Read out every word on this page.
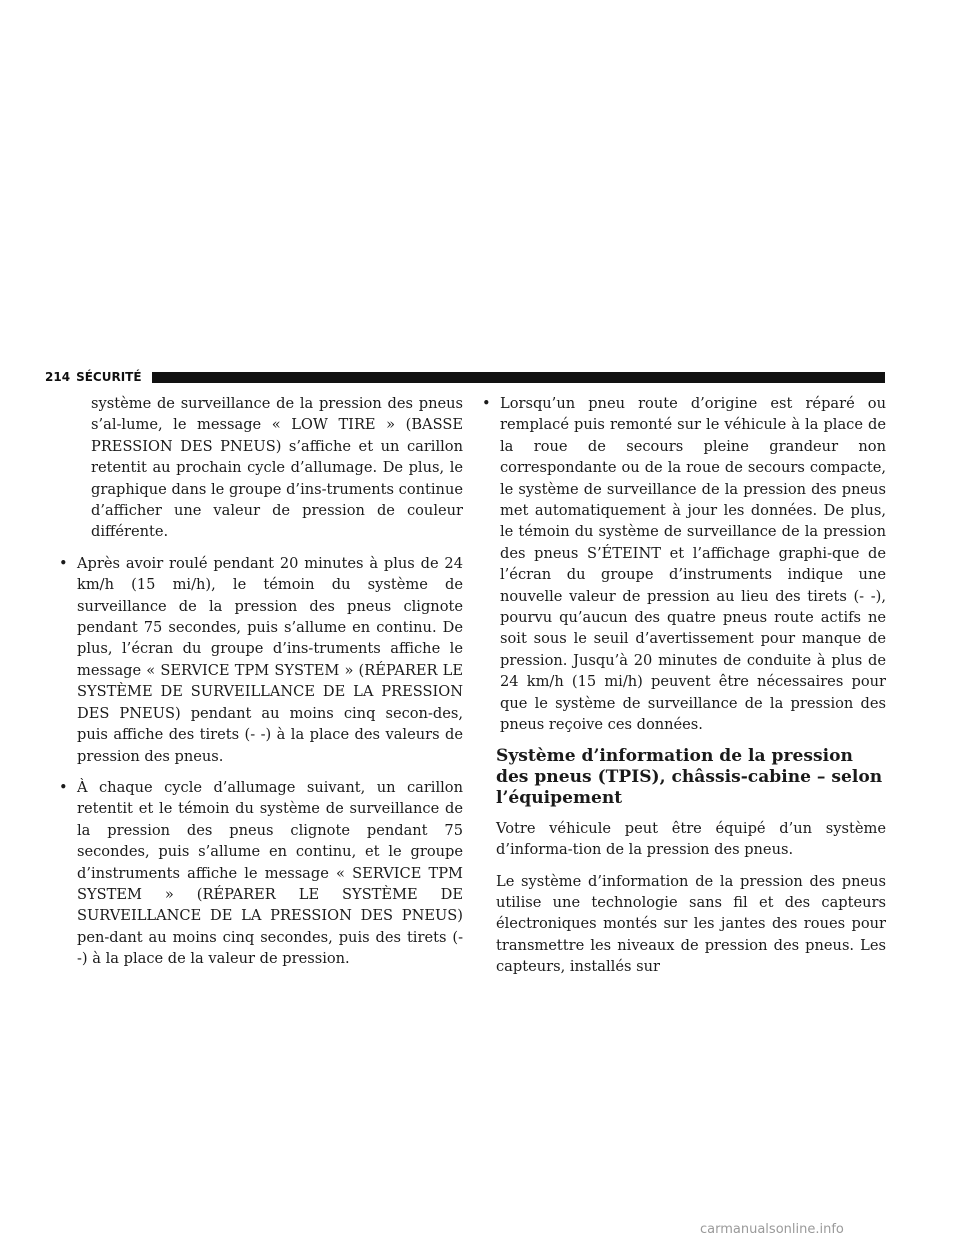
214 SÉCURITÉ

système de surveillance de la pression des pneus s’al-lume, le message « LOW TIRE » (BASSE PRESSION DES PNEUS) s’affiche et un carillon retentit au prochain cycle d’allumage. De plus, le graphique dans le groupe d’ins-truments continue d’afficher une valeur de pression de couleur différente.

• Après avoir roulé pendant 20 minutes à plus de 24 km/h (15 mi/h), le témoin du système de surveillance de la pression des pneus clignote pendant 75 secondes, puis s’allume en continu. De plus, l’écran du groupe d’ins-truments affiche le message « SERVICE TPM SYSTEM » (RÉPARER LE SYSTÈME DE SURVEILLANCE DE LA PRESSION DES PNEUS) pendant au moins cinq secon-des, puis affiche des tirets (- -) à la place des valeurs de pression des pneus.
• À chaque cycle d’allumage suivant, un carillon retentit et le témoin du système de surveillance de la pression des pneus clignote pendant 75 secondes, puis s’allume en continu, et le groupe d’instruments affiche le message « SERVICE TPM SYSTEM » (RÉPARER LE SYSTÈME DE SURVEILLANCE DE LA PRESSION DES PNEUS) pen-dant au moins cinq secondes, puis des tirets (- -) à la place de la valeur de pression.
• Lorsqu’un pneu route d’origine est réparé ou remplacé puis remonté sur le véhicule à la place de la roue de secours pleine grandeur non correspondante ou de la roue de secours compacte, le système de surveillance de la pression des pneus met automatiquement à jour les données. De plus, le témoin du système de surveillance de la pression des pneus S’ÉTEINT et l’affichage graphi-que de l’écran du groupe d’instruments indique une nouvelle valeur de pression au lieu des tirets (- -), pourvu qu’aucun des quatre pneus route actifs ne soit sous le seuil d’avertissement pour manque de pression. Jusqu’à 20 minutes de conduite à plus de 24 km/h (15 mi/h) peuvent être nécessaires pour que le système de surveillance de la pression des pneus reçoive ces données.
Système d’information de la pression des pneus (TPIS), châssis-cabine – selon l’équipement

Votre véhicule peut être équipé d’un système d’informa-tion de la pression des pneus.

Le système d’information de la pression des pneus utilise une technologie sans fil et des capteurs électroniques montés sur les jantes des roues pour transmettre les niveaux de pression des pneus. Les capteurs, installés sur

carmanualsonline.info
